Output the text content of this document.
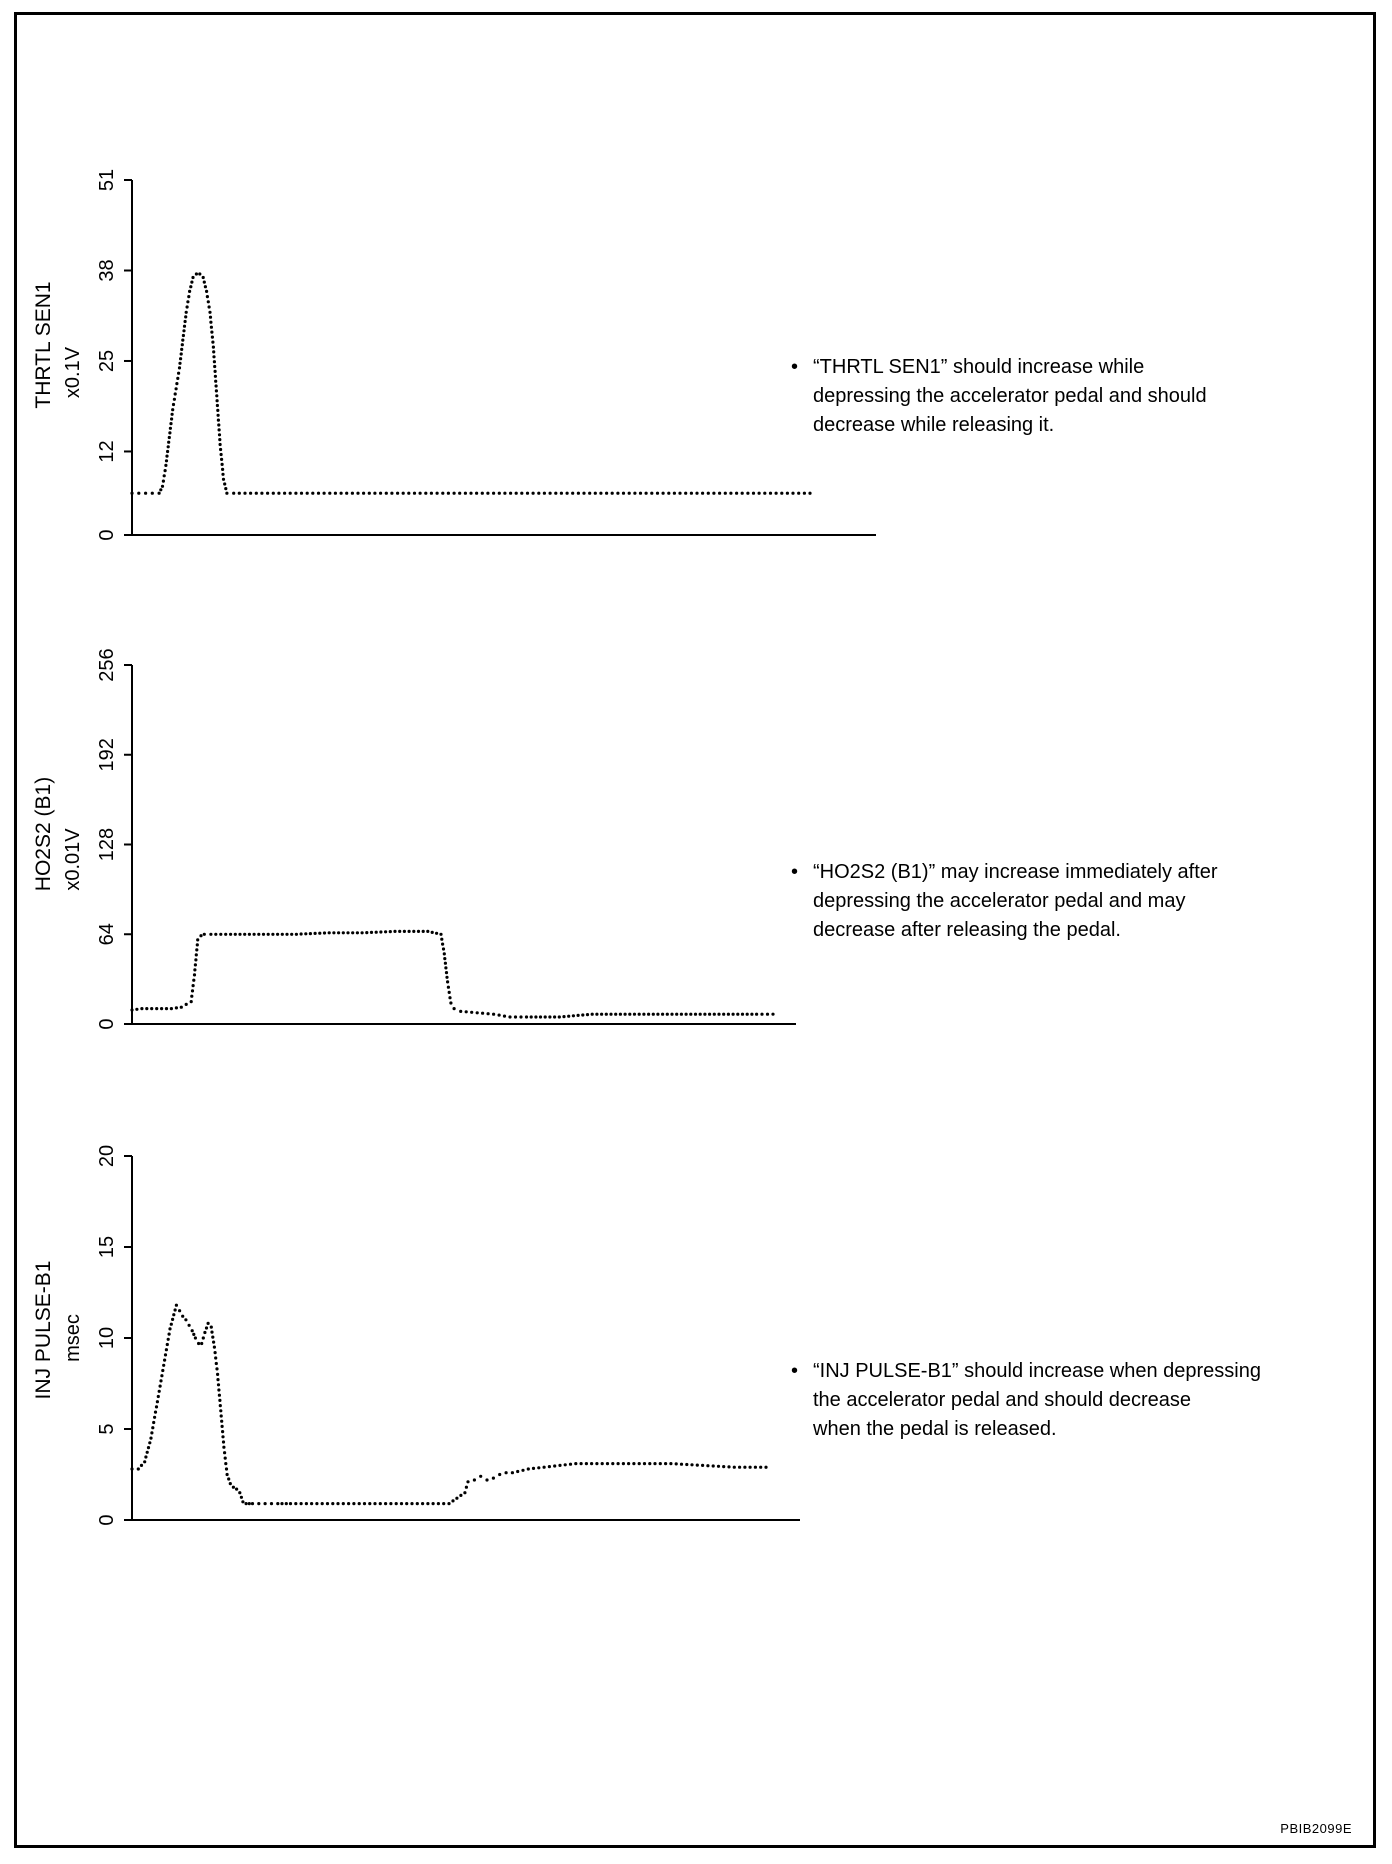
0
12
25
38
51
THRTL SEN1 x0.1V
0
64
128
192
256
HO2S2 (B1) x0.01V
0
5
10
15
20
INJ PULSE-B1 msec
• “THRTL SEN1” should increase while
depressing the accelerator pedal and should
decrease while releasing it.
• “HO2S2 (B1)” may increase immediately after
depressing the accelerator pedal and may
decrease after releasing the pedal.
• “INJ PULSE-B1” should increase when depressing
the accelerator pedal and should decrease
when the pedal is released.
PBIB2099E
